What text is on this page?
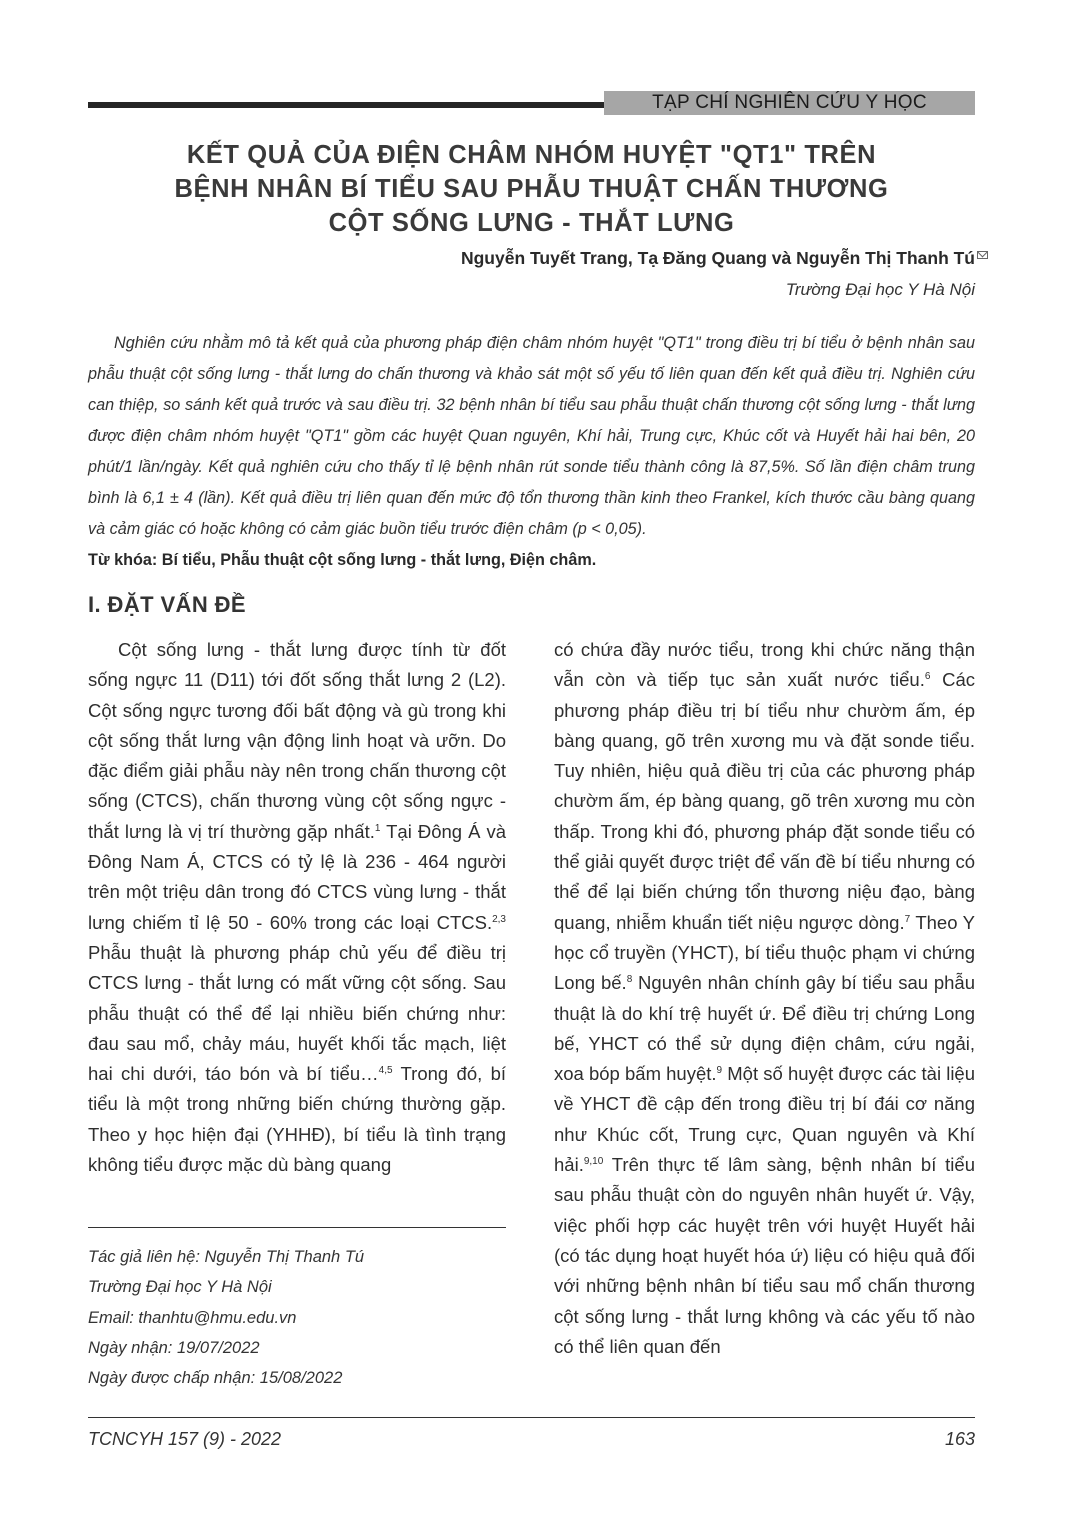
TẠP CHÍ NGHIÊN CỨU Y HỌC
KẾT QUẢ CỦA ĐIỆN CHÂM NHÓM HUYỆT "QT1" TRÊN
BỆNH NHÂN BÍ TIỂU SAU PHẪU THUẬT CHẤN THƯƠNG
CỘT SỐNG LƯNG - THẮT LƯNG
Nguyễn Tuyết Trang, Tạ Đăng Quang và Nguyễn Thị Thanh Tú
Trường Đại học Y Hà Nội

Nghiên cứu nhằm mô tả kết quả của phương pháp điện châm nhóm huyệt "QT1" trong điều trị bí tiểu ở bệnh nhân sau phẫu thuật cột sống lưng - thắt lưng do chấn thương và khảo sát một số yếu tố liên quan đến kết quả điều trị. Nghiên cứu can thiệp, so sánh kết quả trước và sau điều trị. 32 bệnh nhân bí tiểu sau phẫu thuật chấn thương cột sống lưng - thắt lưng được điện châm nhóm huyệt "QT1" gồm các huyệt Quan nguyên, Khí hải, Trung cực, Khúc cốt và Huyết hải hai bên, 20 phút/1 lần/ngày. Kết quả nghiên cứu cho thấy tỉ lệ bệnh nhân rút sonde tiểu thành công là 87,5%. Số lần điện châm trung bình là 6,1 ± 4 (lần). Kết quả điều trị liên quan đến mức độ tổn thương thần kinh theo Frankel, kích thước cầu bàng quang và cảm giác có hoặc không có cảm giác buồn tiểu trước điện châm (p < 0,05).

Từ khóa: Bí tiểu, Phẫu thuật cột sống lưng - thắt lưng, Điện châm.

I. ĐẶT VẤN ĐỀ

Cột sống lưng - thắt lưng được tính từ đốt sống ngực 11 (D11) tới đốt sống thắt lưng 2 (L2). Cột sống ngực tương đối bất động và gù trong khi cột sống thắt lưng vận động linh hoạt và ưỡn. Do đặc điểm giải phẫu này nên trong chấn thương cột sống (CTCS), chấn thương vùng cột sống ngực - thắt lưng là vị trí thường gặp nhất.$^1$ Tại Đông Á và Đông Nam Á, CTCS có tỷ lệ là 236 - 464 người trên một triệu dân trong đó CTCS vùng lưng - thắt lưng chiếm tỉ lệ 50 - 60% trong các loại CTCS.$^{2,3}$ Phẫu thuật là phương pháp chủ yếu để điều trị CTCS lưng - thắt lưng có mất vững cột sống. Sau phẫu thuật có thể để lại nhiều biến chứng như: đau sau mổ, chảy máu, huyết khối tắc mạch, liệt hai chi dưới, táo bón và bí tiểu…$^{4,5}$ Trong đó, bí tiểu là một trong những biến chứng thường gặp. Theo y học hiện đại (YHHĐ), bí tiểu là tình trạng không tiểu được mặc dù bàng quang

có chứa đầy nước tiểu, trong khi chức năng thận vẫn còn và tiếp tục sản xuất nước tiểu.$^6$ Các phương pháp điều trị bí tiểu như chườm ấm, ép bàng quang, gõ trên xương mu và đặt sonde tiểu. Tuy nhiên, hiệu quả điều trị của các phương pháp chườm ấm, ép bàng quang, gõ trên xương mu còn thấp. Trong khi đó, phương pháp đặt sonde tiểu có thể giải quyết được triệt để vấn đề bí tiểu nhưng có thể để lại biến chứng tổn thương niệu đạo, bàng quang, nhiễm khuẩn tiết niệu ngược dòng.$^7$ Theo Y học cổ truyền (YHCT), bí tiểu thuộc phạm vi chứng Long bế.$^8$ Nguyên nhân chính gây bí tiểu sau phẫu thuật là do khí trệ huyết ứ. Để điều trị chứng Long bế, YHCT có thể sử dụng điện châm, cứu ngải, xoa bóp bấm huyệt.$^9$ Một số huyệt được các tài liệu về YHCT đề cập đến trong điều trị bí đái cơ năng như Khúc cốt, Trung cực, Quan nguyên và Khí hải.$^{9,10}$ Trên thực tế lâm sàng, bệnh nhân bí tiểu sau phẫu thuật còn do nguyên nhân huyết ứ. Vậy, việc phối hợp các huyệt trên với huyệt Huyết hải (có tác dụng hoạt huyết hóa ứ) liệu có hiệu quả đối với những bệnh nhân bí tiểu sau mổ chấn thương cột sống lưng - thắt lưng không và các yếu tố nào có thể liên quan đến

Tác giả liên hệ: Nguyễn Thị Thanh Tú
Trường Đại học Y Hà Nội
Email: thanhtu@hmu.edu.vn
Ngày nhận: 19/07/2022
Ngày được chấp nhận: 15/08/2022
TCNCYH 157 (9) - 2022	163
